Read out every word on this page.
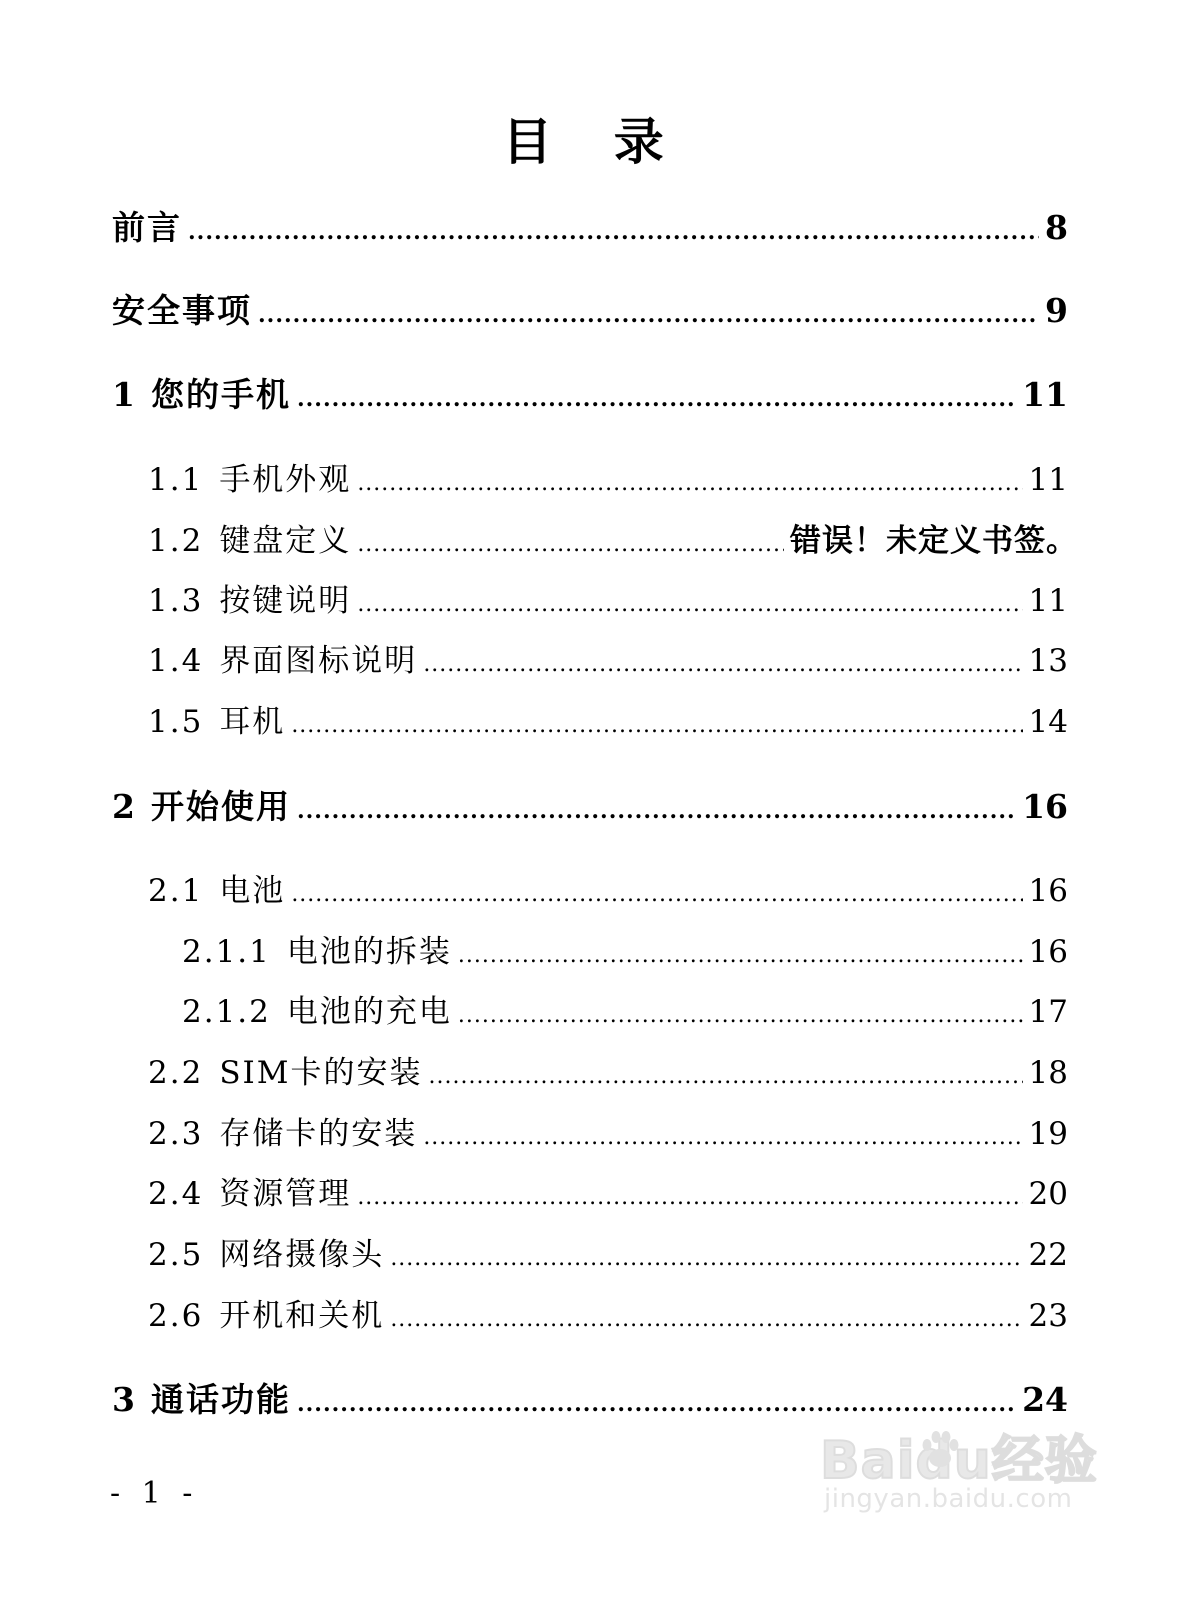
目 录
前言 .....	8
安全事项 .....	9
1 您的手机 .....	11
1.1 手机外观 .....	11
1.2 键盘定义 .....	错误！未定义书签。
1.3 按键说明 .....	11
1.4 界面图标说明 .....	13
1.5 耳机 .....	14
2 开始使用 .....	16
2.1 电池 .....	16
2.1.1 电池的拆装 .....	16
2.1.2 电池的充电 .....	17
2.2 SIM卡的安装 .....	18
2.3 存储卡的安装 .....	19
2.4 资源管理 .....	20
2.5 网络摄像头 .....	22
2.6 开机和关机 .....	23
3 通话功能 .....	24
- 1 -
Baidu经验
jingyan.baidu.com
